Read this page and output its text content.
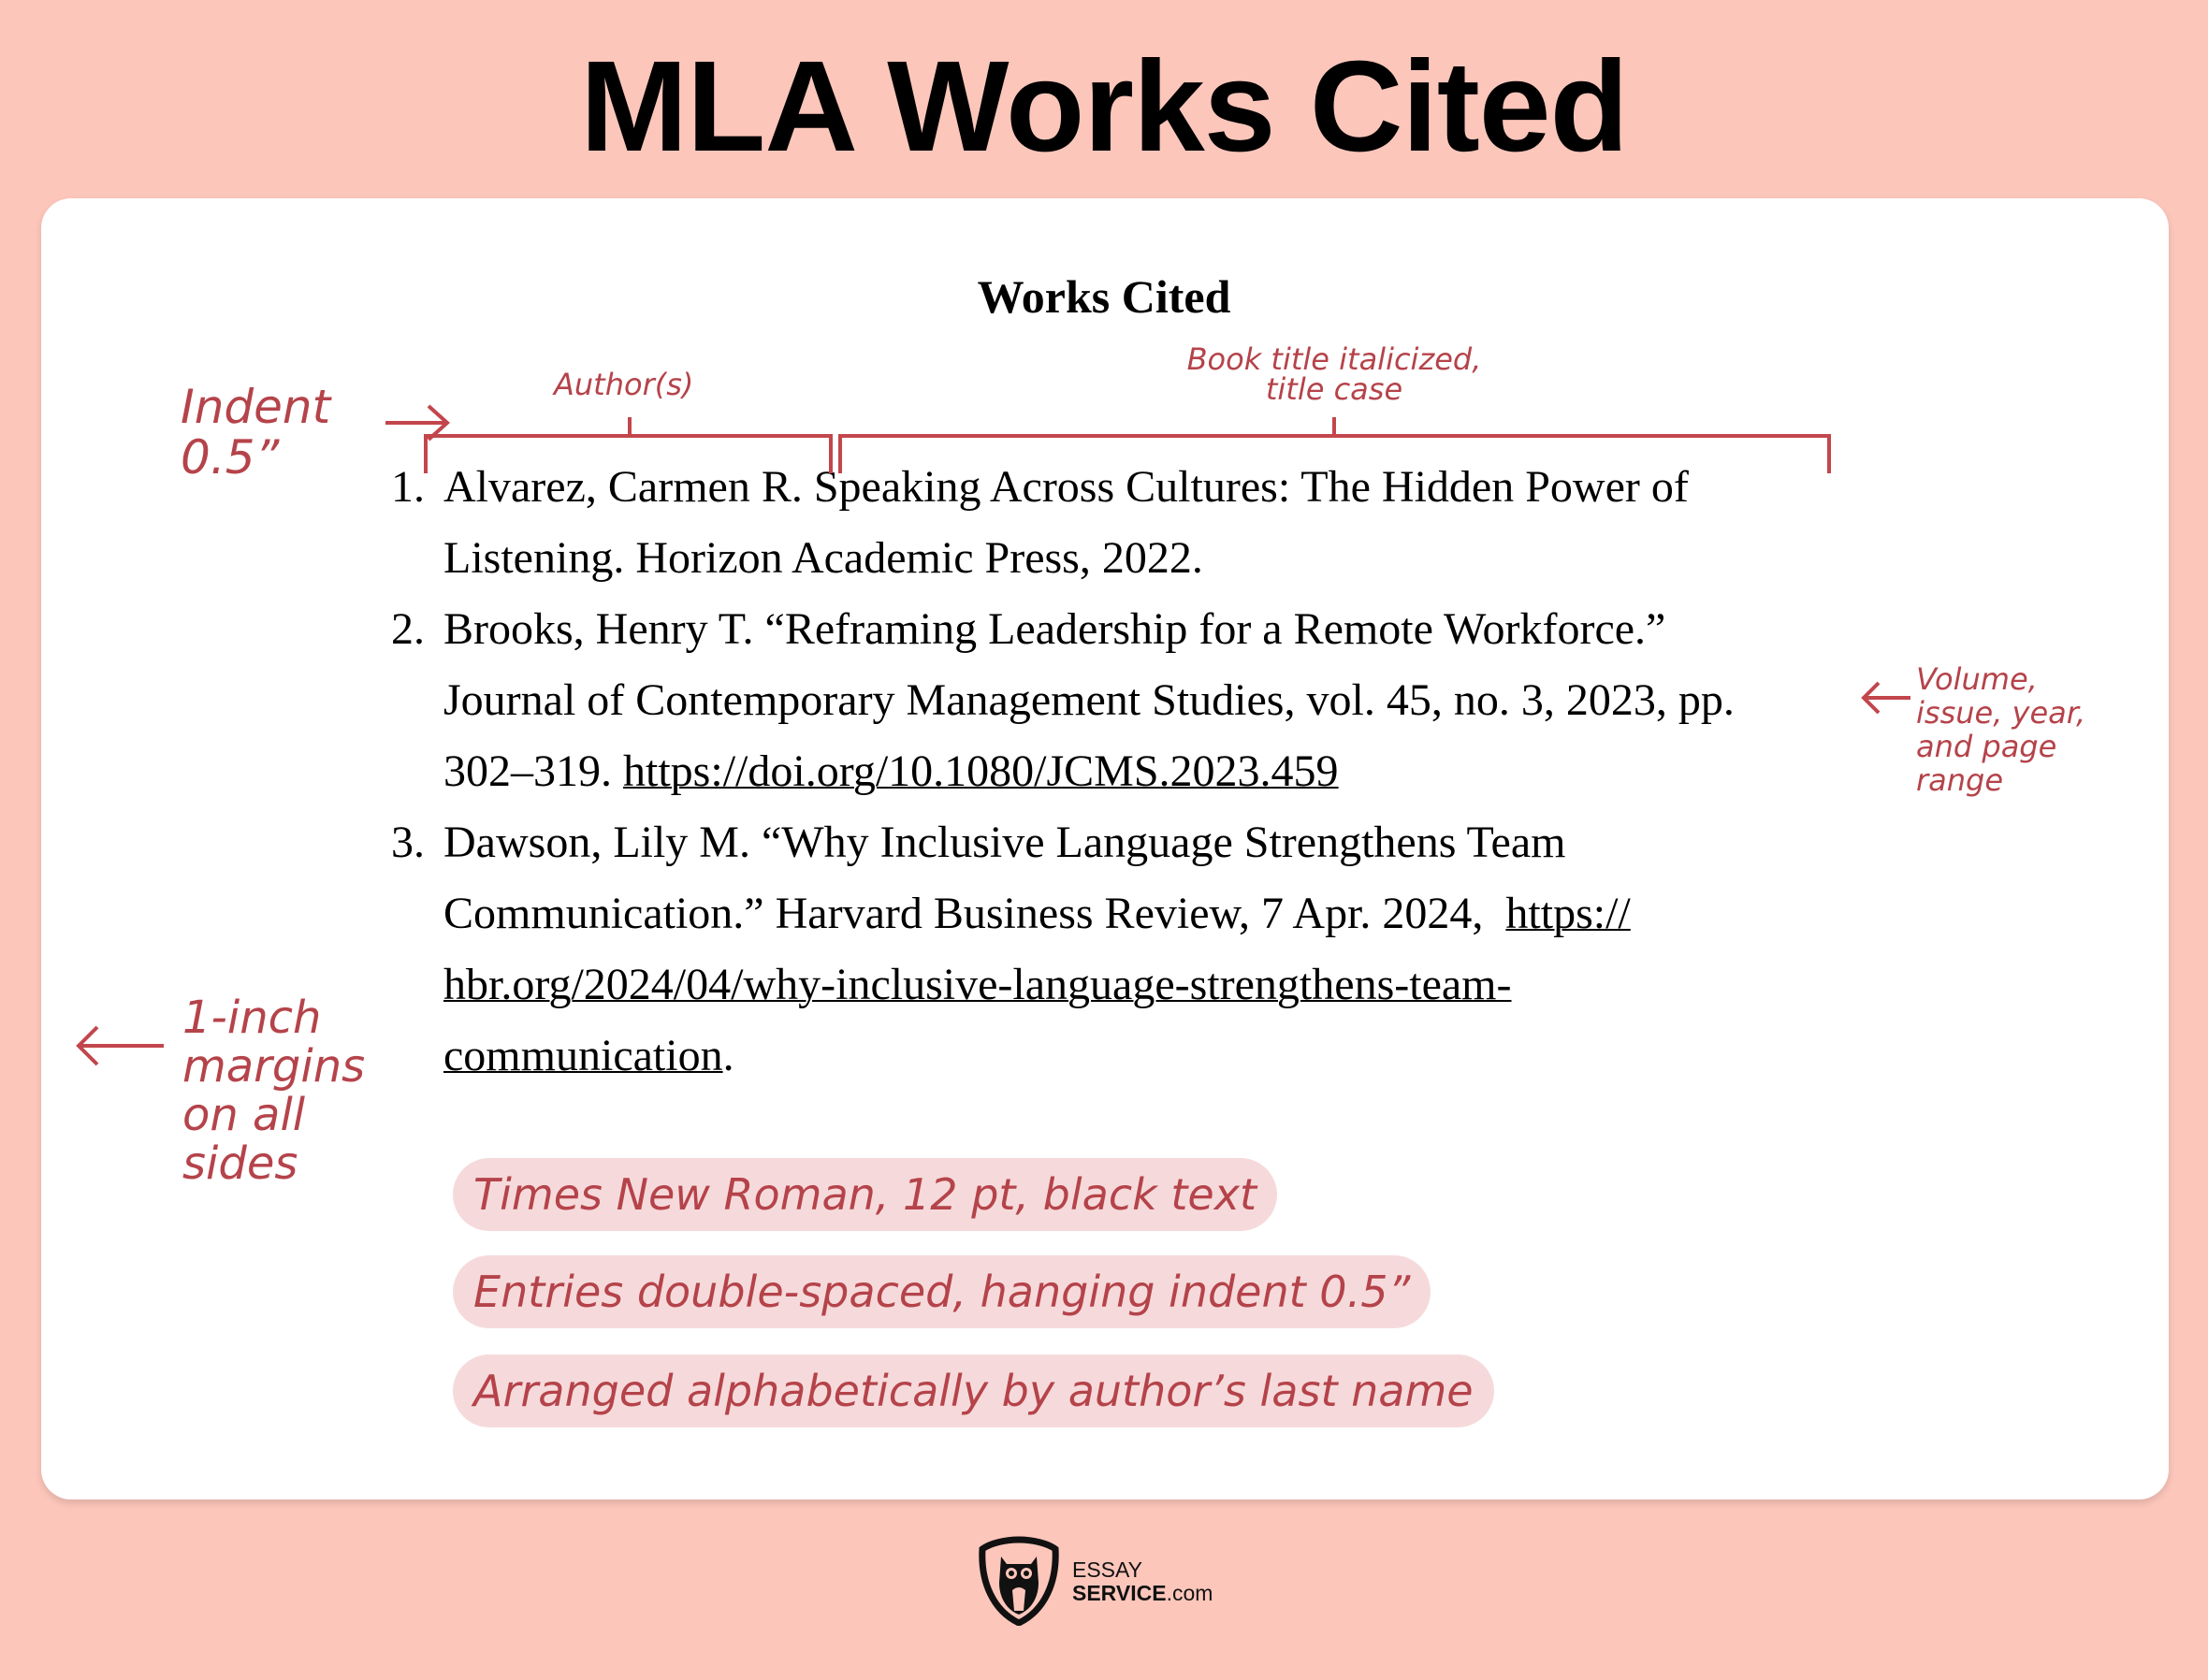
MLA Works Cited
Works Cited
1. Alvarez, Carmen R. Speaking Across Cultures: The Hidden Power of
Listening. Horizon Academic Press, 2022.
2. Brooks, Henry T. “Reframing Leadership for a Remote Workforce.”
Journal of Contemporary Management Studies, vol. 45, no. 3, 2023, pp.
302–319. https://doi.org/10.1080/JCMS.2023.459
3. Dawson, Lily M. “Why Inclusive Language Strengthens Team
Communication.” Harvard Business Review, 7 Apr. 2024,  https://
hbr.org/2024/04/why-inclusive-language-strengthens-team-
communication.
Indent
0.5”
Author(s)
Book title italicized,
title case
Volume,
issue, year,
and page
range
1-inch
margins
on all
sides
Times New Roman, 12 pt, black text
Entries double-spaced, hanging indent 0.5”
Arranged alphabetically by author’s last name
ESSAY
SERVICE.com
